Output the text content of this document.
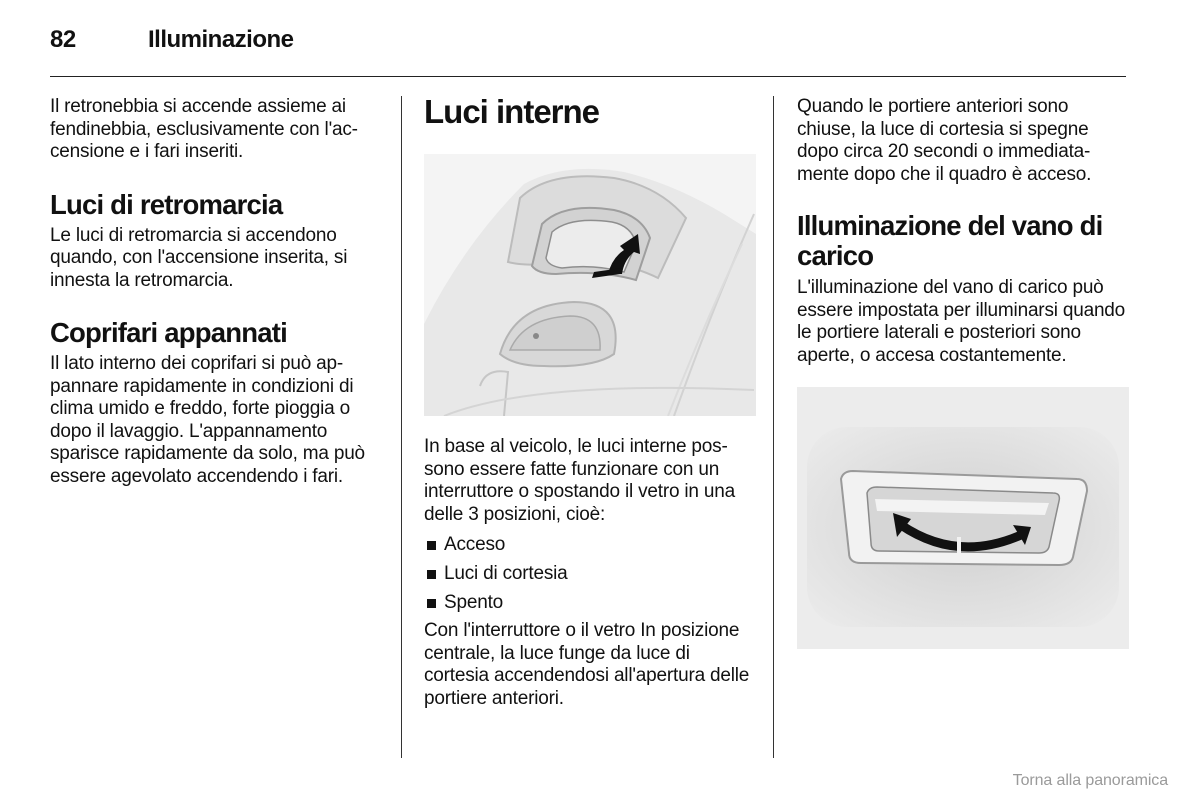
82	Illuminazione

Il retronebbia si accende assieme ai fendinebbia, esclusivamente con l'accensione e i fari inseriti.

Luci di retromarcia

Le luci di retromarcia si accendono quando, con l'accensione inserita, si innesta la retromarcia.

Coprifari appannati

Il lato interno dei coprifari si può appannare rapidamente in condizioni di clima umido e freddo, forte pioggia o dopo il lavaggio. L'appannamento sparisce rapidamente da solo, ma può essere agevolato accendendo i fari.

Luci interne

In base al veicolo, le luci interne possono essere fatte funzionare con un interruttore o spostando il vetro in una delle 3 posizioni, cioè:

Acceso
Luci di cortesia
Spento

Con l'interruttore o il vetro In posizione centrale, la luce funge da luce di cortesia accendendosi all'apertura delle portiere anteriori.

Quando le portiere anteriori sono chiuse, la luce di cortesia si spegne dopo circa 20 secondi o immediatamente dopo che il quadro è acceso.

Illuminazione del vano di carico

L'illuminazione del vano di carico può essere impostata per illuminarsi quando le portiere laterali e posteriori sono aperte, o accesa costantemente.

Torna alla panoramica
